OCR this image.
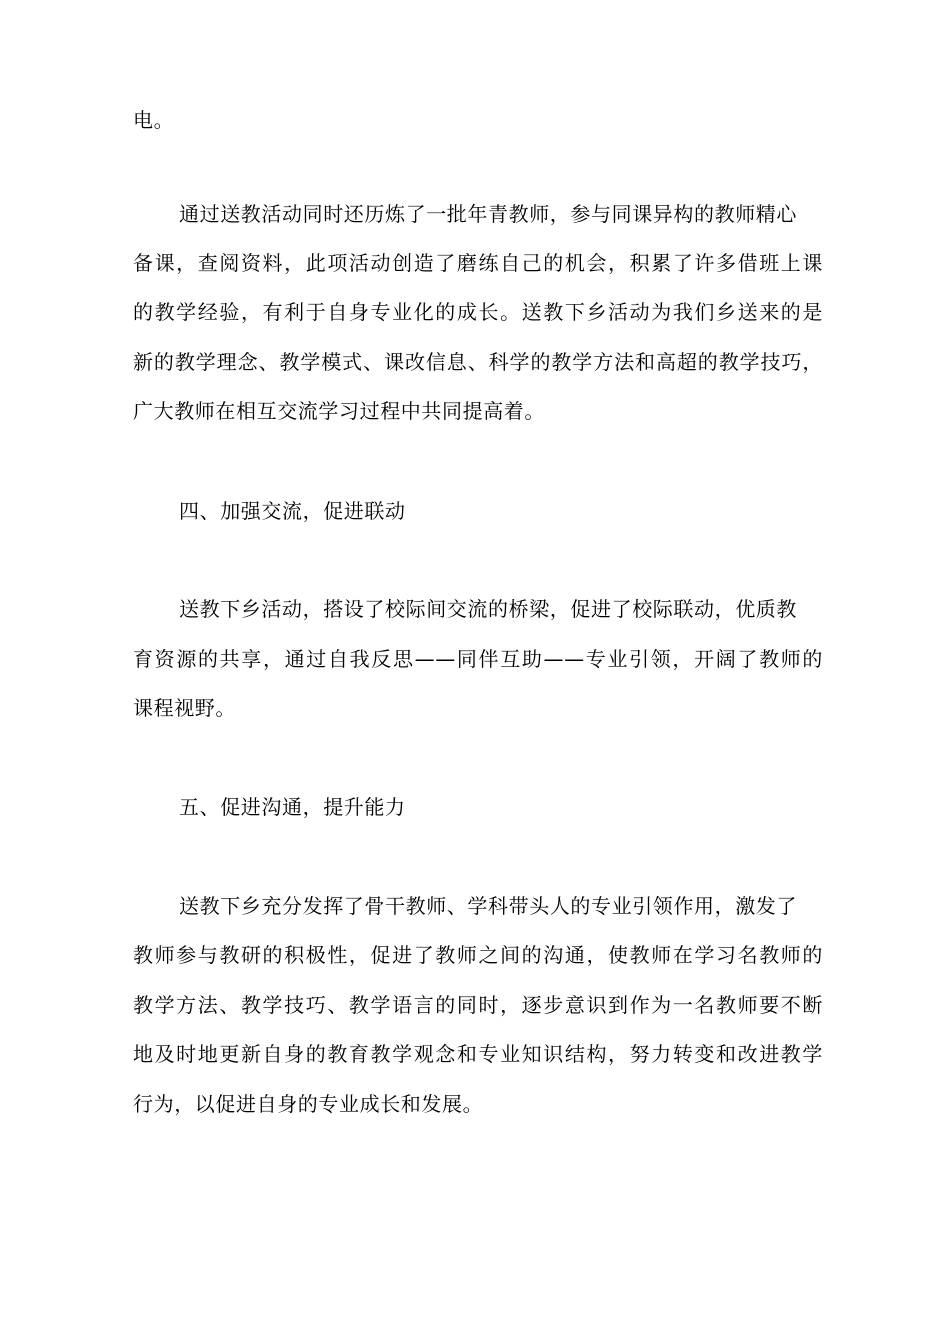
电。
通过送教活动同时还历炼了一批年青教师，参与同课异构的教师精心
备课，查阅资料，此项活动创造了磨练自己的机会，积累了许多借班上课
的教学经验，有利于自身专业化的成长。送教下乡活动为我们乡送来的是
新的教学理念、教学模式、课改信息、科学的教学方法和高超的教学技巧，
广大教师在相互交流学习过程中共同提高着。
四、加强交流，促进联动
送教下乡活动，搭设了校际间交流的桥梁，促进了校际联动，优质教
育资源的共享，通过自我反思——同伴互助——专业引领，开阔了教师的
课程视野。
五、促进沟通，提升能力
送教下乡充分发挥了骨干教师、学科带头人的专业引领作用，激发了
教师参与教研的积极性，促进了教师之间的沟通，使教师在学习名教师的
教学方法、教学技巧、教学语言的同时，逐步意识到作为一名教师要不断
地及时地更新自身的教育教学观念和专业知识结构，努力转变和改进教学
行为，以促进自身的专业成长和发展。
